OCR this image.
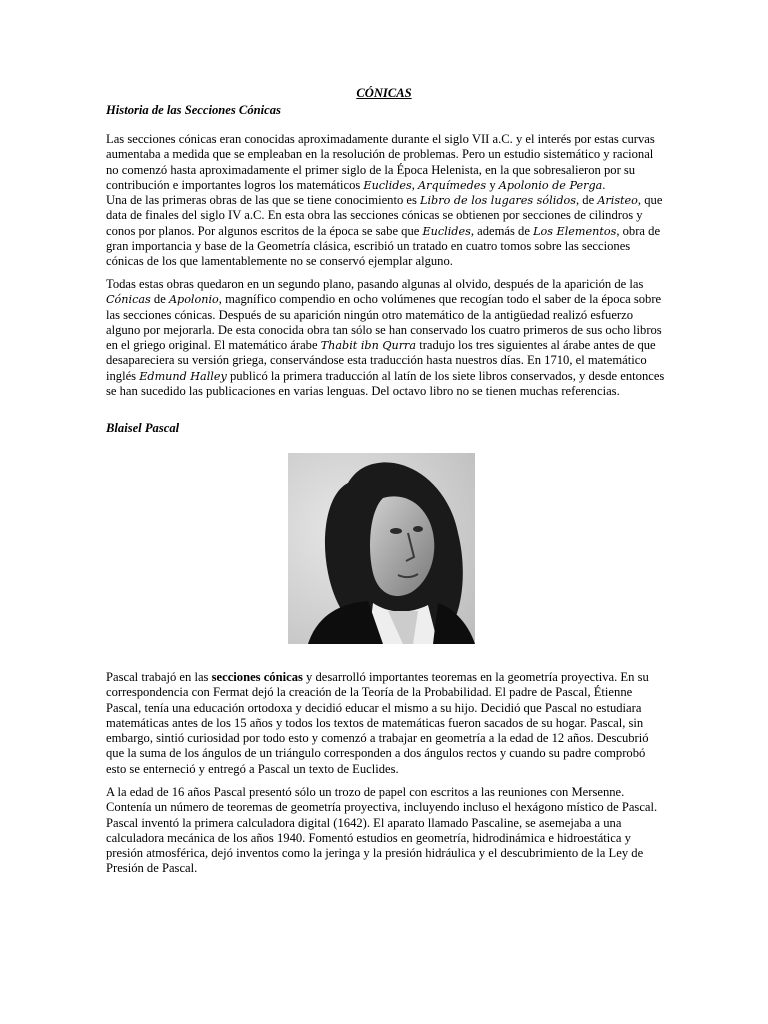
CÓNICAS
Historia de las Secciones Cónicas

Las secciones cónicas eran conocidas aproximadamente durante el siglo VII a.C. y el interés por estas curvas
aumentaba a medida que se empleaban en la resolución de problemas. Pero un estudio sistemático y racional
no comenzó hasta aproximadamente el primer siglo de la Época Helenista, en la que sobresalieron por su
contribución e importantes logros los matemáticos Euclides, Arquímedes y Apolonio de Perga.
Una de las primeras obras de las que se tiene conocimiento es Libro de los lugares sólidos, de Aristeo, que
data de finales del siglo IV a.C. En esta obra las secciones cónicas se obtienen por secciones de cilindros y
conos por planos. Por algunos escritos de la época se sabe que Euclides, además de Los Elementos, obra de
gran importancia y base de la Geometría clásica, escribió un tratado en cuatro tomos sobre las secciones
cónicas de los que lamentablemente no se conservó ejemplar alguno.

Todas estas obras quedaron en un segundo plano, pasando algunas al olvido, después de la aparición de las
Cónicas de Apolonio, magnífico compendio en ocho volúmenes que recogían todo el saber de la época sobre
las secciones cónicas. Después de su aparición ningún otro matemático de la antigüedad realizó esfuerzo
alguno por mejorarla. De esta conocida obra tan sólo se han conservado los cuatro primeros de sus ocho libros
en el griego original. El matemático árabe Thabit ibn Qurra tradujo los tres siguientes al árabe antes de que
desapareciera su versión griega, conservándose esta traducción hasta nuestros días. En 1710, el matemático
inglés Edmund Halley publicó la primera traducción al latín de los siete libros conservados, y desde entonces
se han sucedido las publicaciones en varias lenguas. Del octavo libro no se tienen muchas referencias.

Blaisel Pascal

Pascal trabajó en las secciones cónicas y desarrolló importantes teoremas en la geometría proyectiva. En su
correspondencia con Fermat dejó la creación de la Teoría de la Probabilidad. El padre de Pascal, Étienne
Pascal, tenía una educación ortodoxa y decidió educar el mismo a su hijo. Decidió que Pascal no estudiara
matemáticas antes de los 15 años y todos los textos de matemáticas fueron sacados de su hogar. Pascal, sin
embargo, sintió curiosidad por todo esto y comenzó a trabajar en geometría a la edad de 12 años. Descubrió
que la suma de los ángulos de un triángulo corresponden a dos ángulos rectos y cuando su padre comprobó
esto se enterneció y entregó a Pascal un texto de Euclides.

A la edad de 16 años Pascal presentó sólo un trozo de papel con escritos a las reuniones con Mersenne.
Contenía un número de teoremas de geometría proyectiva, incluyendo incluso el hexágono místico de Pascal.
Pascal inventó la primera calculadora digital (1642). El aparato llamado Pascaline, se asemejaba a una
calculadora mecánica de los años 1940. Fomentó estudios en geometría, hidrodinámica e hidroestática y
presión atmosférica, dejó inventos como la jeringa y la presión hidráulica y el descubrimiento de la Ley de
Presión de Pascal.
